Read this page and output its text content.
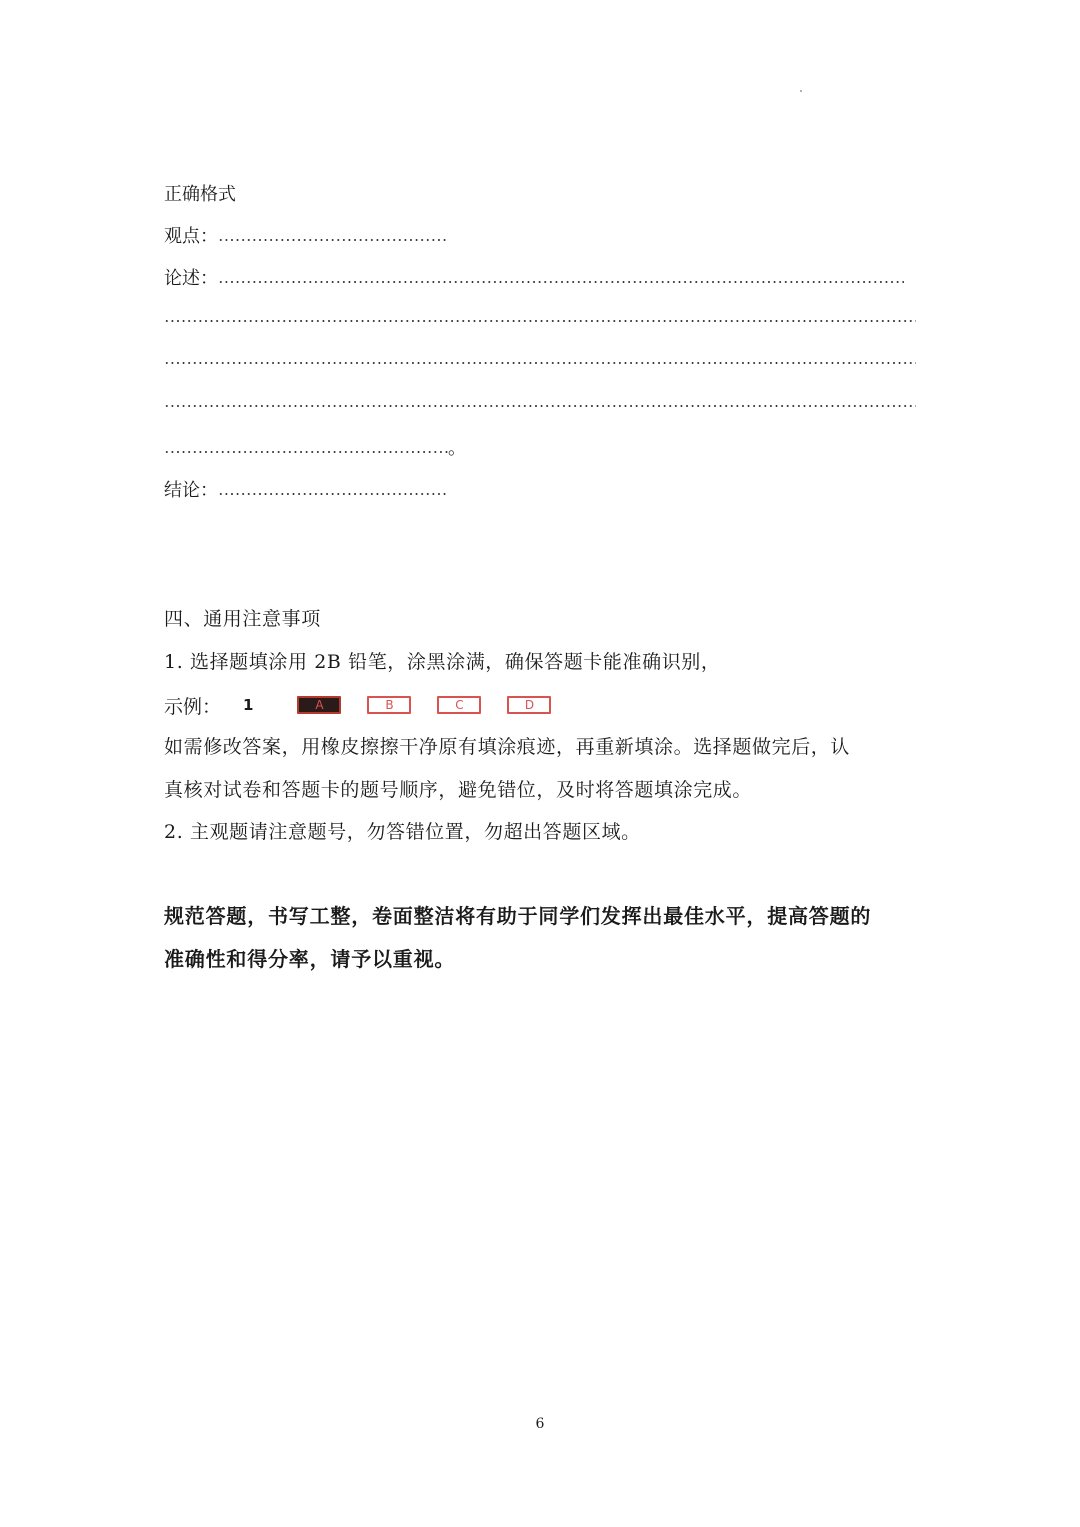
正确格式
观点：
论述：
。
结论：
四、通用注意事项
1. 选择题填涂用 2B 铅笔，涂黑涂满，确保答题卡能准确识别，
示例： 1	A	B	C	D
如需修改答案，用橡皮擦擦干净原有填涂痕迹，再重新填涂。选择题做完后，认
真核对试卷和答题卡的题号顺序，避免错位，及时将答题填涂完成。
2. 主观题请注意题号，勿答错位置，勿超出答题区域。
规范答题，书写工整，卷面整洁将有助于同学们发挥出最佳水平，提高答题的
准确性和得分率，请予以重视。
6
